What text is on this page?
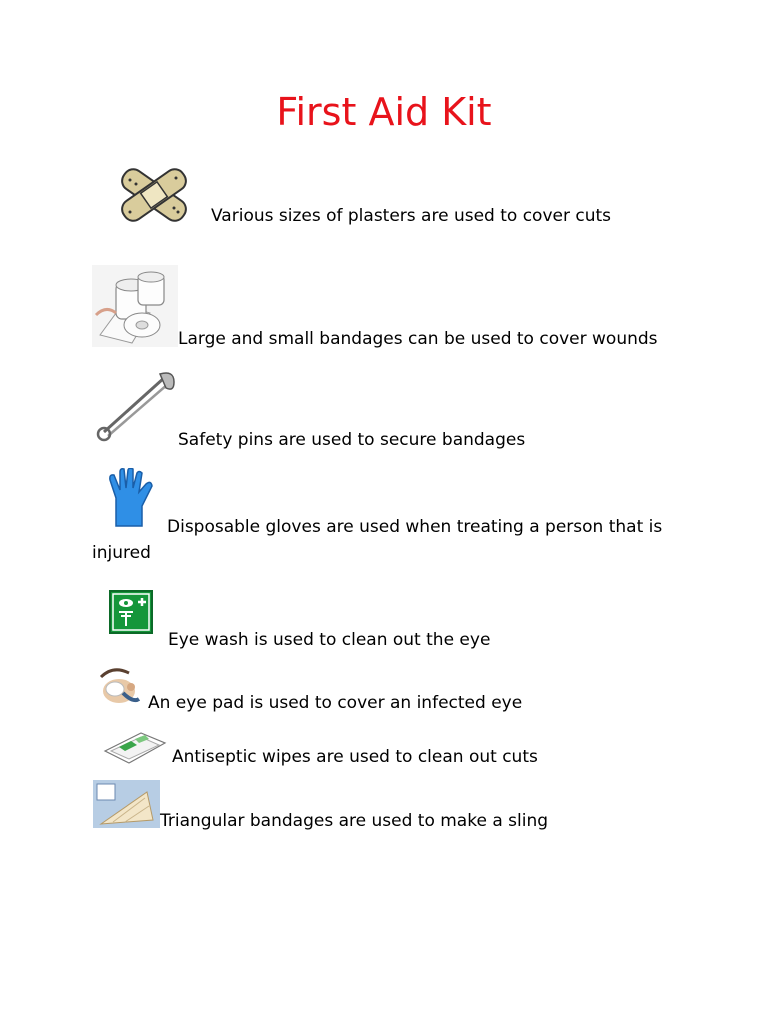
First Aid Kit
Various sizes of plasters are used to cover cuts
Large and small bandages can be used to cover wounds
Safety pins are used to secure bandages
Disposable gloves are used when treating a person that is injured
Eye wash is used to clean out the eye
An eye pad is used to cover an infected eye
Antiseptic wipes are used to clean out cuts
Triangular bandages are used to make a sling
